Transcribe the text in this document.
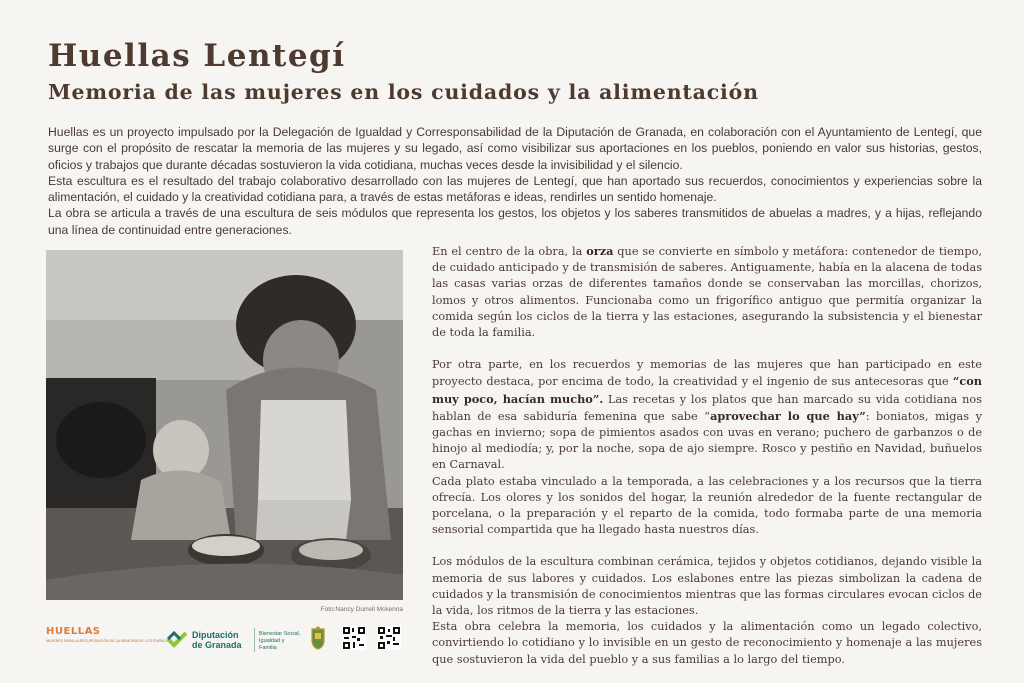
Huellas Lentegí
Memoria de las mujeres en los cuidados y la alimentación

Huellas es un proyecto impulsado por la Delegación de Igualdad y Corresponsabilidad de la Diputación de Granada, en colaboración con el Ayuntamiento de Lentegí, que surge con el propósito de rescatar la memoria de las mujeres y su legado, así como visibilizar sus aportaciones en los pueblos, poniendo en valor sus historias, gestos, oficios y trabajos que durante décadas sostuvieron la vida cotidiana, muchas veces desde la invisibilidad y el silencio.

Esta escultura es el resultado del trabajo colaborativo desarrollado con las mujeres de Lentegí, que han aportado sus recuerdos, conocimientos y experiencias sobre la alimentación, el cuidado y la creatividad cotidiana para, a través de estas metáforas e ideas, rendirles un sentido homenaje.

La obra se articula a través de una escultura de seis módulos que representa los gestos, los objetos y los saberes transmitidos de abuelas a madres, y a hijas, reflejando una línea de continuidad entre generaciones.

Foto:Nancy Durrell Mckenna
HUELLAS
MUJERES PARA LA RECUPERACIÓN DE LA MEMORIA DE LOS PUEBLOS
Diputación
de Granada
Bienestar Social,
Igualdad y Familia

En el centro de la obra, la orza que se convierte en símbolo y metáfora: contenedor de tiempo, de cuidado anticipado y de transmisión de saberes. Antiguamente, había en la alacena de todas las casas varias orzas de diferentes tamaños donde se conservaban las morcillas, chorizos, lomos y otros alimentos. Funcionaba como un frigorífico antiguo que permitía organizar la comida según los ciclos de la tierra y las estaciones, asegurando la subsistencia y el bienestar de toda la familia.

Por otra parte, en los recuerdos y memorias de las mujeres que han participado en este proyecto destaca, por encima de todo, la creatividad y el ingenio de sus antecesoras que “con muy poco, hacían mucho”. Las recetas y los platos que han marcado su vida cotidiana nos hablan de esa sabiduría femenina que sabe “aprovechar lo que hay”: boniatos, migas y gachas en invierno; sopa de pimientos asados con uvas en verano; puchero de garbanzos o de hinojo al mediodía; y, por la noche, sopa de ajo siempre. Rosco y pestiño en Navidad, buñuelos en Carnaval.

Cada plato estaba vinculado a la temporada, a las celebraciones y a los recursos que la tierra ofrecía. Los olores y los sonidos del hogar, la reunión alrededor de la fuente rectangular de porcelana, o la preparación y el reparto de la comida, todo formaba parte de una memoria sensorial compartida que ha llegado hasta nuestros días.

Los módulos de la escultura combinan cerámica, tejidos y objetos cotidianos, dejando visible la memoria de sus labores y cuidados. Los eslabones entre las piezas simbolizan la cadena de cuidados y la transmisión de conocimientos mientras que las formas circulares evocan ciclos de la vida, los ritmos de la tierra y las estaciones.

Esta obra celebra la memoria, los cuidados y la alimentación como un legado colectivo, convirtiendo lo cotidiano y lo invisible en un gesto de reconocimiento y homenaje a las mujeres que sostuvieron la vida del pueblo y a sus familias a lo largo del tiempo.
